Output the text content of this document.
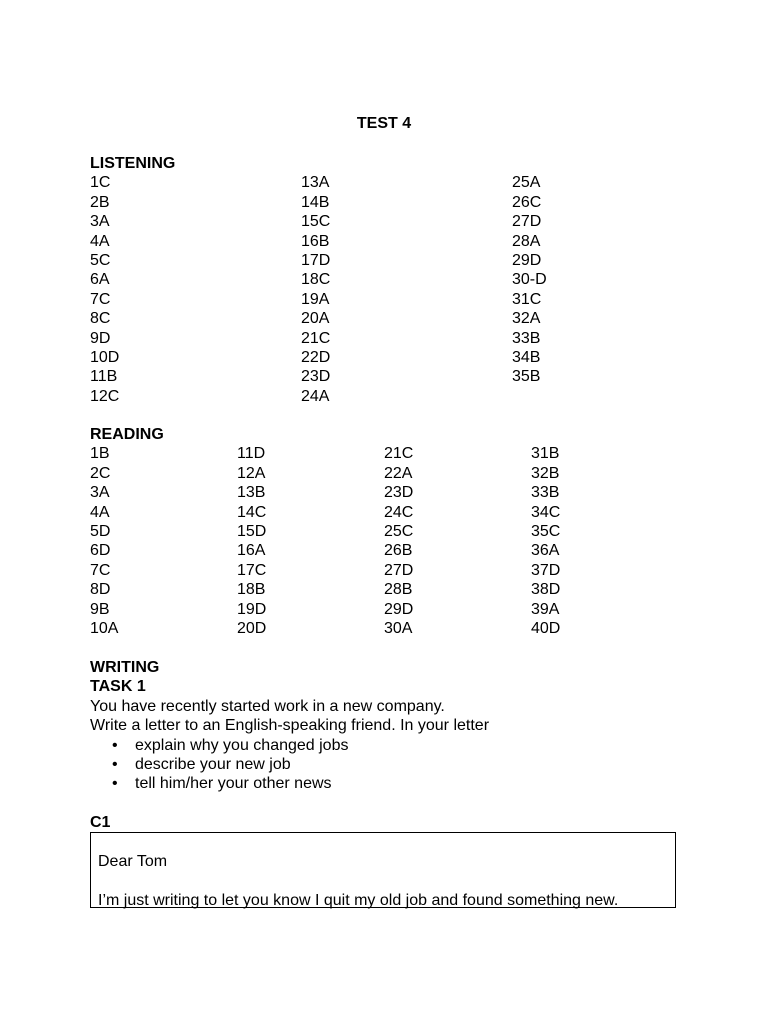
TEST 4
LISTENING
1C
2B
3A
4A
5C
6A
7C
8C
9D
10D
11B
12C
13A
14B
15C
16B
17D
18C
19A
20A
21C
22D
23D
24A
25A
26C
27D
28A
29D
30-D
31C
32A
33B
34B
35B
READING
1B
2C
3A
4A
5D
6D
7C
8D
9B
10A
11D
12A
13B
14C
15D
16A
17C
18B
19D
20D
21C
22A
23D
24C
25C
26B
27D
28B
29D
30A
31B
32B
33B
34C
35C
36A
37D
38D
39A
40D
WRITING
TASK 1
You have recently started work in a new company.
Write a letter to an English-speaking friend. In your letter
• explain why you changed jobs
• describe your new job
• tell him/her your other news
C1
Dear Tom
I’m just writing to let you know I quit my old job and found something new.
